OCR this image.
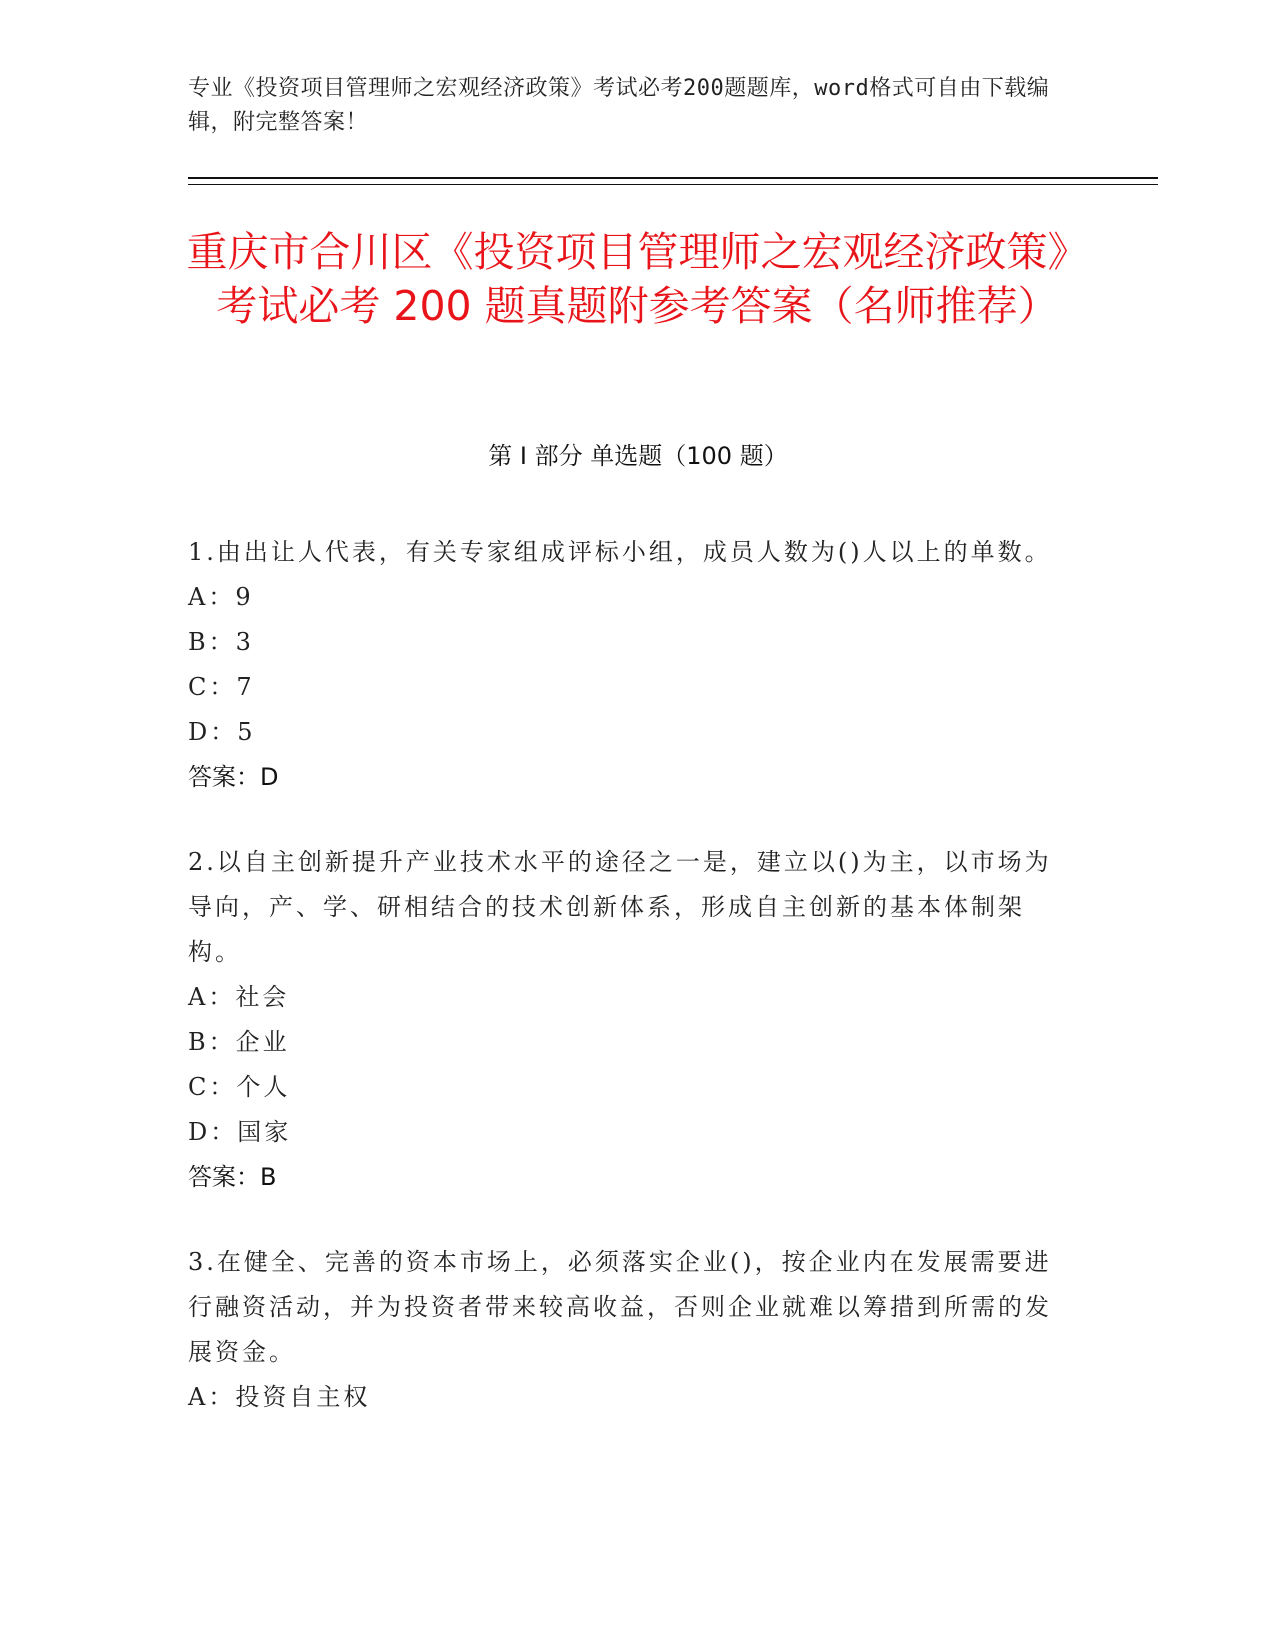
专业《投资项目管理师之宏观经济政策》考试必考200题题库，word格式可自由下载编辑，附完整答案！
重庆市合川区《投资项目管理师之宏观经济政策》考试必考 200 题真题附参考答案（名师推荐）
第 I 部分 单选题（100 题）

1.由出让人代表，有关专家组成评标小组，成员人数为()人以上的单数。

A：9

B：3

C：7

D：5

答案：D

2.以自主创新提升产业技术水平的途径之一是，建立以()为主，以市场为导向，产、学、研相结合的技术创新体系，形成自主创新的基本体制架构。

A：社会

B：企业

C：个人

D：国家

答案：B

3.在健全、完善的资本市场上，必须落实企业()，按企业内在发展需要进行融资活动，并为投资者带来较高收益，否则企业就难以筹措到所需的发展资金。

A：投资自主权
